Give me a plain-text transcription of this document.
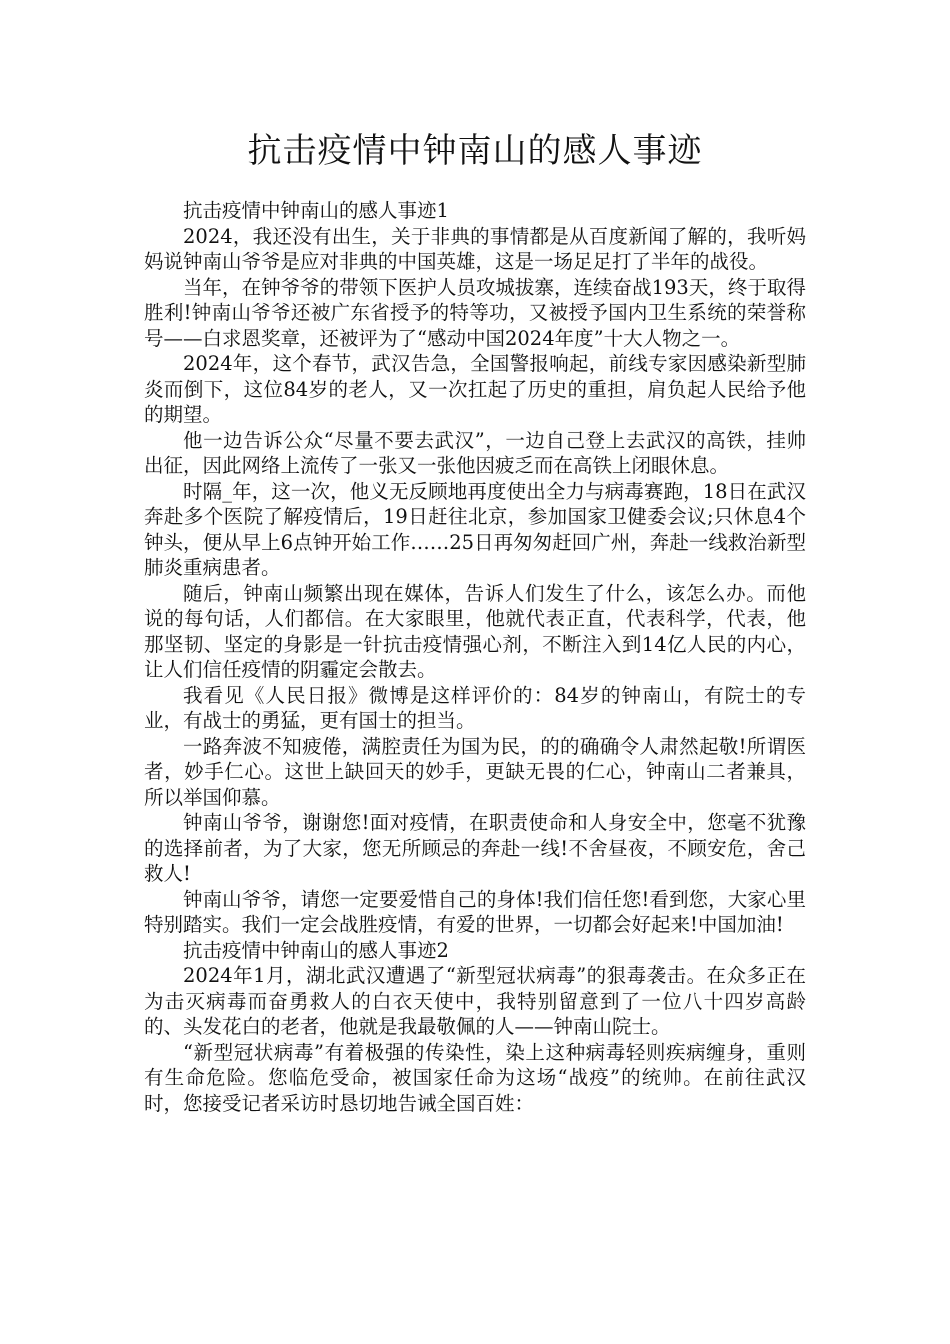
抗击疫情中钟南山的感人事迹

抗击疫情中钟南山的感人事迹1

2024，我还没有出生，关于非典的事情都是从百度新闻了解的，我听妈妈说钟南山爷爷是应对非典的中国英雄，这是一场足足打了半年的战役。

当年，在钟爷爷的带领下医护人员攻城拔寨，连续奋战193天，终于取得胜利!钟南山爷爷还被广东省授予的特等功，又被授予国内卫生系统的荣誉称号——白求恩奖章，还被评为了“感动中国2024年度”十大人物之一。

2024年，这个春节，武汉告急，全国警报响起，前线专家因感染新型肺炎而倒下，这位84岁的老人，又一次扛起了历史的重担，肩负起人民给予他的期望。

他一边告诉公众“尽量不要去武汉”，一边自己登上去武汉的高铁，挂帅出征，因此网络上流传了一张又一张他因疲乏而在高铁上闭眼休息。

时隔_年，这一次，他义无反顾地再度使出全力与病毒赛跑，18日在武汉奔赴多个医院了解疫情后，19日赶往北京，参加国家卫健委会议;只休息4个钟头，便从早上6点钟开始工作……25日再匆匆赶回广州，奔赴一线救治新型肺炎重病患者。

随后，钟南山频繁出现在媒体，告诉人们发生了什么，该怎么办。而他说的每句话，人们都信。在大家眼里，他就代表正直，代表科学，代表，他那坚韧、坚定的身影是一针抗击疫情强心剂，不断注入到14亿人民的内心，让人们信任疫情的阴霾定会散去。

我看见《人民日报》微博是这样评价的：84岁的钟南山，有院士的专业，有战士的勇猛，更有国士的担当。

一路奔波不知疲倦，满腔责任为国为民，的的确确令人肃然起敬!所谓医者，妙手仁心。这世上缺回天的妙手，更缺无畏的仁心，钟南山二者兼具，所以举国仰慕。

钟南山爷爷，谢谢您!面对疫情，在职责使命和人身安全中，您毫不犹豫的选择前者，为了大家，您无所顾忌的奔赴一线!不舍昼夜，不顾安危，舍己救人!

钟南山爷爷，请您一定要爱惜自己的身体!我们信任您!看到您，大家心里特别踏实。我们一定会战胜疫情，有爱的世界，一切都会好起来!中国加油!

抗击疫情中钟南山的感人事迹2

2024年1月，湖北武汉遭遇了“新型冠状病毒”的狠毒袭击。在众多正在为击灭病毒而奋勇救人的白衣天使中，我特别留意到了一位八十四岁高龄的、头发花白的老者，他就是我最敬佩的人——钟南山院士。

“新型冠状病毒”有着极强的传染性，染上这种病毒轻则疾病缠身，重则有生命危险。您临危受命，被国家任命为这场“战疫”的统帅。在前往武汉时，您接受记者采访时恳切地告诫全国百姓：
